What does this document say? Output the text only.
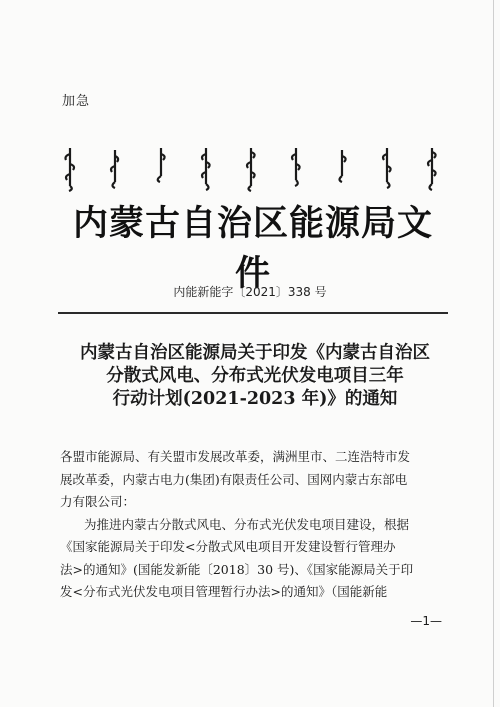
加急
内蒙古自治区能源局文件
内能新能字〔2021〕338 号
内蒙古自治区能源局关于印发《内蒙古自治区
分散式风电、分布式光伏发电项目三年
行动计划(2021-2023 年)》的通知
各盟市能源局、有关盟市发展改革委，满洲里市、二连浩特市发
展改革委，内蒙古电力(集团)有限责任公司、国网内蒙古东部电
力有限公司：
为推进内蒙古分散式风电、分布式光伏发电项目建设，根据
《国家能源局关于印发<分散式风电项目开发建设暂行管理办
法>的通知》(国能发新能〔2018〕30 号)、《国家能源局关于印
发<分布式光伏发电项目管理暂行办法>的通知》（国能新能
—1—
